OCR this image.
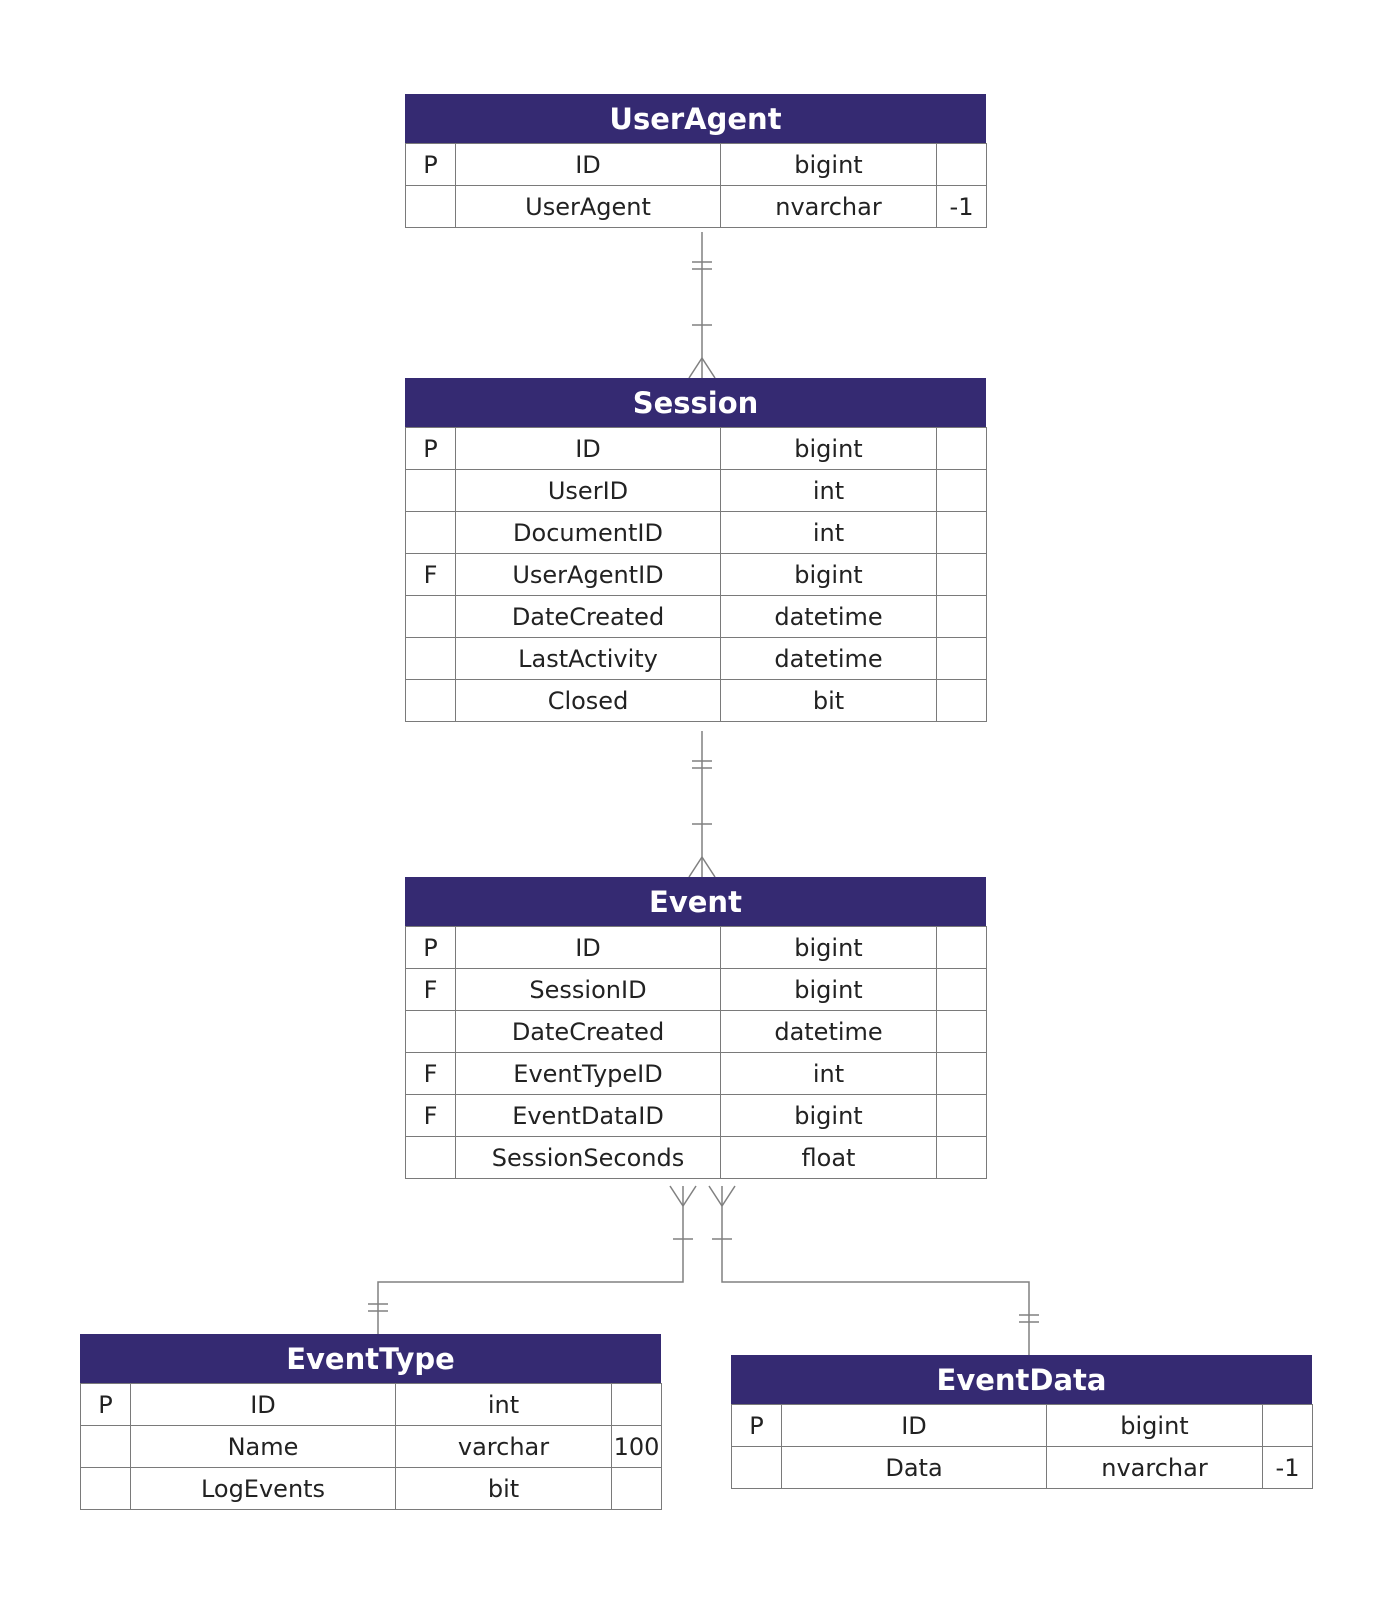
UserAgent
P	ID	bigint	
	UserAgent	nvarchar	-1
Session
P	ID	bigint	
	UserID	int	
	DocumentID	int	
F	UserAgentID	bigint	
	DateCreated	datetime	
	LastActivity	datetime	
	Closed	bit	
Event
P	ID	bigint	
F	SessionID	bigint	
	DateCreated	datetime	
F	EventTypeID	int	
F	EventDataID	bigint	
	SessionSeconds	float	
EventType
P	ID	int	
	Name	varchar	100
	LogEvents	bit	
EventData
P	ID	bigint	
	Data	nvarchar	-1
